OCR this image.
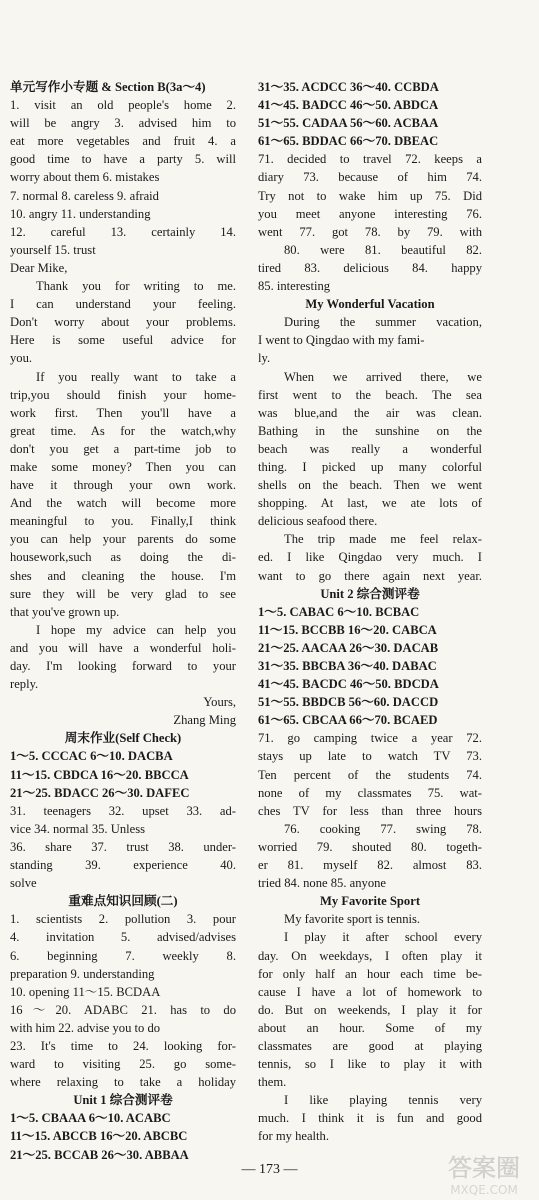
单元写作小专题 & Section B(3a～4)
1. visit an old people's home 2.
will be angry 3. advised him to
eat more vegetables and fruit 4. a
good time to have a party 5. will
worry about them 6. mistakes
7. normal 8. careless 9. afraid
10. angry 11. understanding
12. careful 13. certainly 14.
yourself 15. trust
Dear Mike,
Thank you for writing to me.
I can understand your feeling.
Don't worry about your problems.
Here is some useful advice for
you.
If you really want to take a
trip,you should finish your home-
work first. Then you'll have a
great time. As for the watch,why
don't you get a part-time job to
make some money? Then you can
have it through your own work.
And the watch will become more
meaningful to you. Finally,I think
you can help your parents do some
housework,such as doing the di-
shes and cleaning the house. I'm
sure they will be very glad to see
that you've grown up.
I hope my advice can help you
and you will have a wonderful holi-
day. I'm looking forward to your
reply.
Yours,
Zhang Ming
周末作业(Self Check)
1～5. CCCAC 6～10. DACBA
11～15. CBDCA 16～20. BBCCA
21～25. BDACC 26～30. DAFEC
31. teenagers 32. upset 33. ad-
vice 34. normal 35. Unless
36. share 37. trust 38. under-
standing 39. experience 40.
solve
重难点知识回顾(二)
1. scientists 2. pollution 3. pour
4. invitation 5. advised/advises
6. beginning 7. weekly 8.
preparation 9. understanding
10. opening 11～15. BCDAA
16～20. ADABC 21. has to do
with him 22. advise you to do
23. It's time to 24. looking for-
ward to visiting 25. go some-
where relaxing to take a holiday
Unit 1 综合测评卷
1～5. CBAAA 6～10. ACABC
11～15. ABCCB 16～20. ABCBC
21～25. BCCAB 26～30. ABBAA
31～35. ACDCC 36～40. CCBDA
41～45. BADCC 46～50. ABDCA
51～55. CADAA 56～60. ACBAA
61～65. BDDAC 66～70. DBEAC
71. decided to travel 72. keeps a
diary 73. because of him 74.
Try not to wake him up 75. Did
you meet anyone interesting 76.
went 77. got 78. by 79. with
80. were 81. beautiful 82.
tired 83. delicious 84. happy
85. interesting
My Wonderful Vacation
During the summer vacation,
I went to Qingdao with my fami-
ly.
When we arrived there, we
first went to the beach. The sea
was blue,and the air was clean.
Bathing in the sunshine on the
beach was really a wonderful
thing. I picked up many colorful
shells on the beach. Then we went
shopping. At last, we ate lots of
delicious seafood there.
The trip made me feel relax-
ed. I like Qingdao very much. I
want to go there again next year.
Unit 2 综合测评卷
1～5. CABAC 6～10. BCBAC
11～15. BCCBB 16～20. CABCA
21～25. AACAA 26～30. DACAB
31～35. BBCBA 36～40. DABAC
41～45. BACDC 46～50. BDCDA
51～55. BBDCB 56～60. DACCD
61～65. CBCAA 66～70. BCAED
71. go camping twice a year 72.
stays up late to watch TV 73.
Ten percent of the students 74.
none of my classmates 75. wat-
ches TV for less than three hours
76. cooking 77. swing 78.
worried 79. shouted 80. togeth-
er 81. myself 82. almost 83.
tried 84. none 85. anyone
My Favorite Sport
My favorite sport is tennis.
I play it after school every
day. On weekdays, I often play it
for only half an hour each time be-
cause I have a lot of homework to
do. But on weekends, I play it for
about an hour. Some of my
classmates are good at playing
tennis, so I like to play it with
them.
I like playing tennis very
much. I think it is fun and good
for my health.
— 173 —	答案圈
MXQE.COM
